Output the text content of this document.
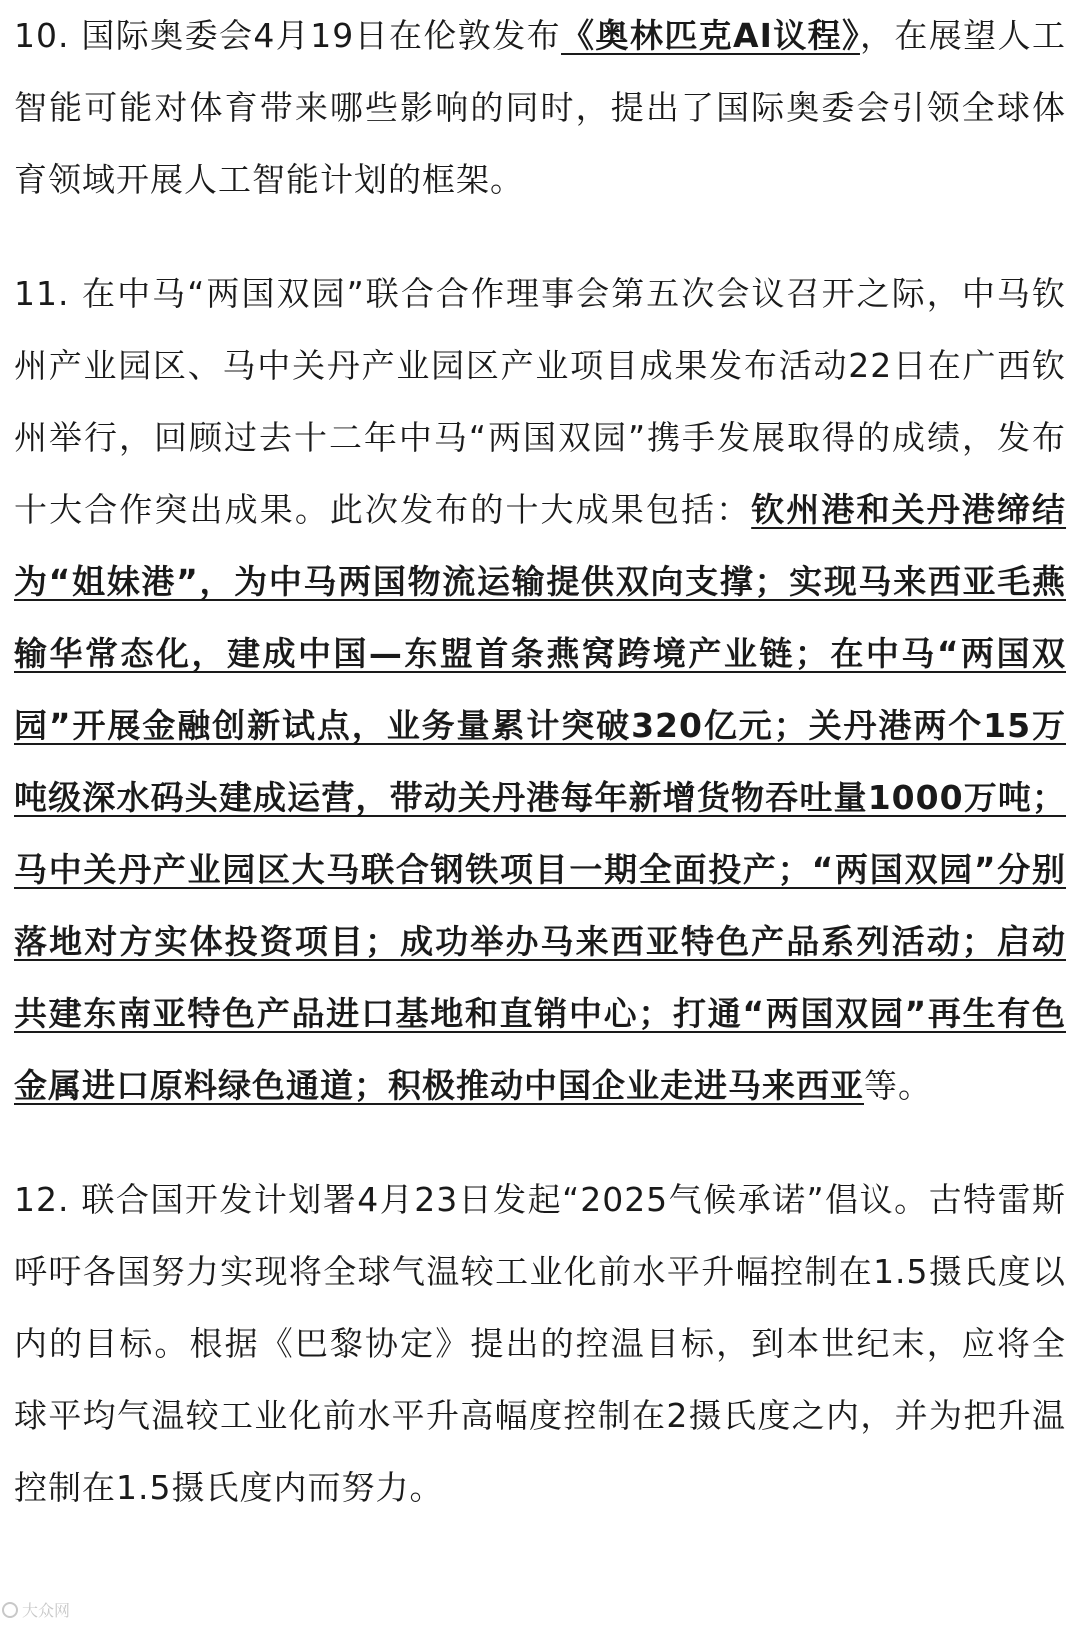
10. 国际奥委会4月19日在伦敦发布《奥林匹克AI议程》，在展望人工智能可能对体育带来哪些影响的同时，提出了国际奥委会引领全球体育领域开展人工智能计划的框架。

11. 在中马“两国双园”联合合作理事会第五次会议召开之际，中马钦州产业园区、马中关丹产业园区产业项目成果发布活动22日在广西钦州举行，回顾过去十二年中马“两国双园”携手发展取得的成绩，发布十大合作突出成果。此次发布的十大成果包括：钦州港和关丹港缔结为“姐妹港”，为中马两国物流运输提供双向支撑；实现马来西亚毛燕输华常态化，建成中国—东盟首条燕窝跨境产业链；在中马“两国双园”开展金融创新试点，业务量累计突破320亿元；关丹港两个15万吨级深水码头建成运营，带动关丹港每年新增货物吞吐量1000万吨；马中关丹产业园区大马联合钢铁项目一期全面投产；“两国双园”分别落地对方实体投资项目；成功举办马来西亚特色产品系列活动；启动共建东南亚特色产品进口基地和直销中心；打通“两国双园”再生有色金属进口原料绿色通道；积极推动中国企业走进马来西亚等。

12. 联合国开发计划署4月23日发起“2025气候承诺”倡议。古特雷斯呼吁各国努力实现将全球气温较工业化前水平升幅控制在1.5摄氏度以内的目标。根据《巴黎协定》提出的控温目标，到本世纪末，应将全球平均气温较工业化前水平升高幅度控制在2摄氏度之内，并为把升温控制在1.5摄氏度内而努力。

大众网
